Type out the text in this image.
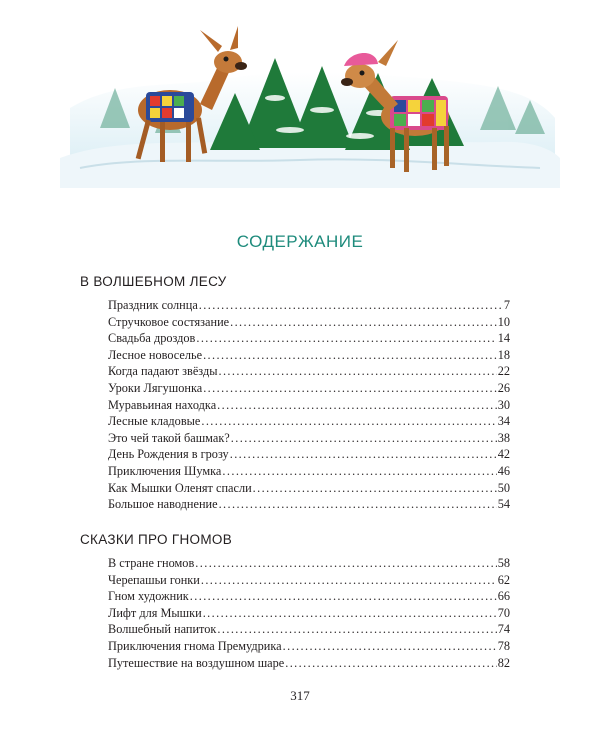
СОДЕРЖАНИЕ
В ВОЛШЕБНОМ ЛЕСУ
Праздник солнца .....	7
Стручковое состязание .....	10
Свадьба дроздов .....	14
Лесное новоселье .....	18
Когда падают звёзды .....	22
Уроки Лягушонка .....	26
Муравьиная находка .....	30
Лесные кладовые .....	34
Это чей такой башмак? .....	38
День Рождения в грозу .....	42
Приключения Шумка .....	46
Как Мышки Оленят спасли .....	50
Большое наводнение .....	54
СКАЗКИ ПРО ГНОМОВ
В стране гномов .....	58
Черепашьи гонки .....	62
Гном художник .....	66
Лифт для Мышки .....	70
Волшебный напиток .....	74
Приключения гнома Премудрика .....	78
Путешествие на воздушном шаре .....	82
317
